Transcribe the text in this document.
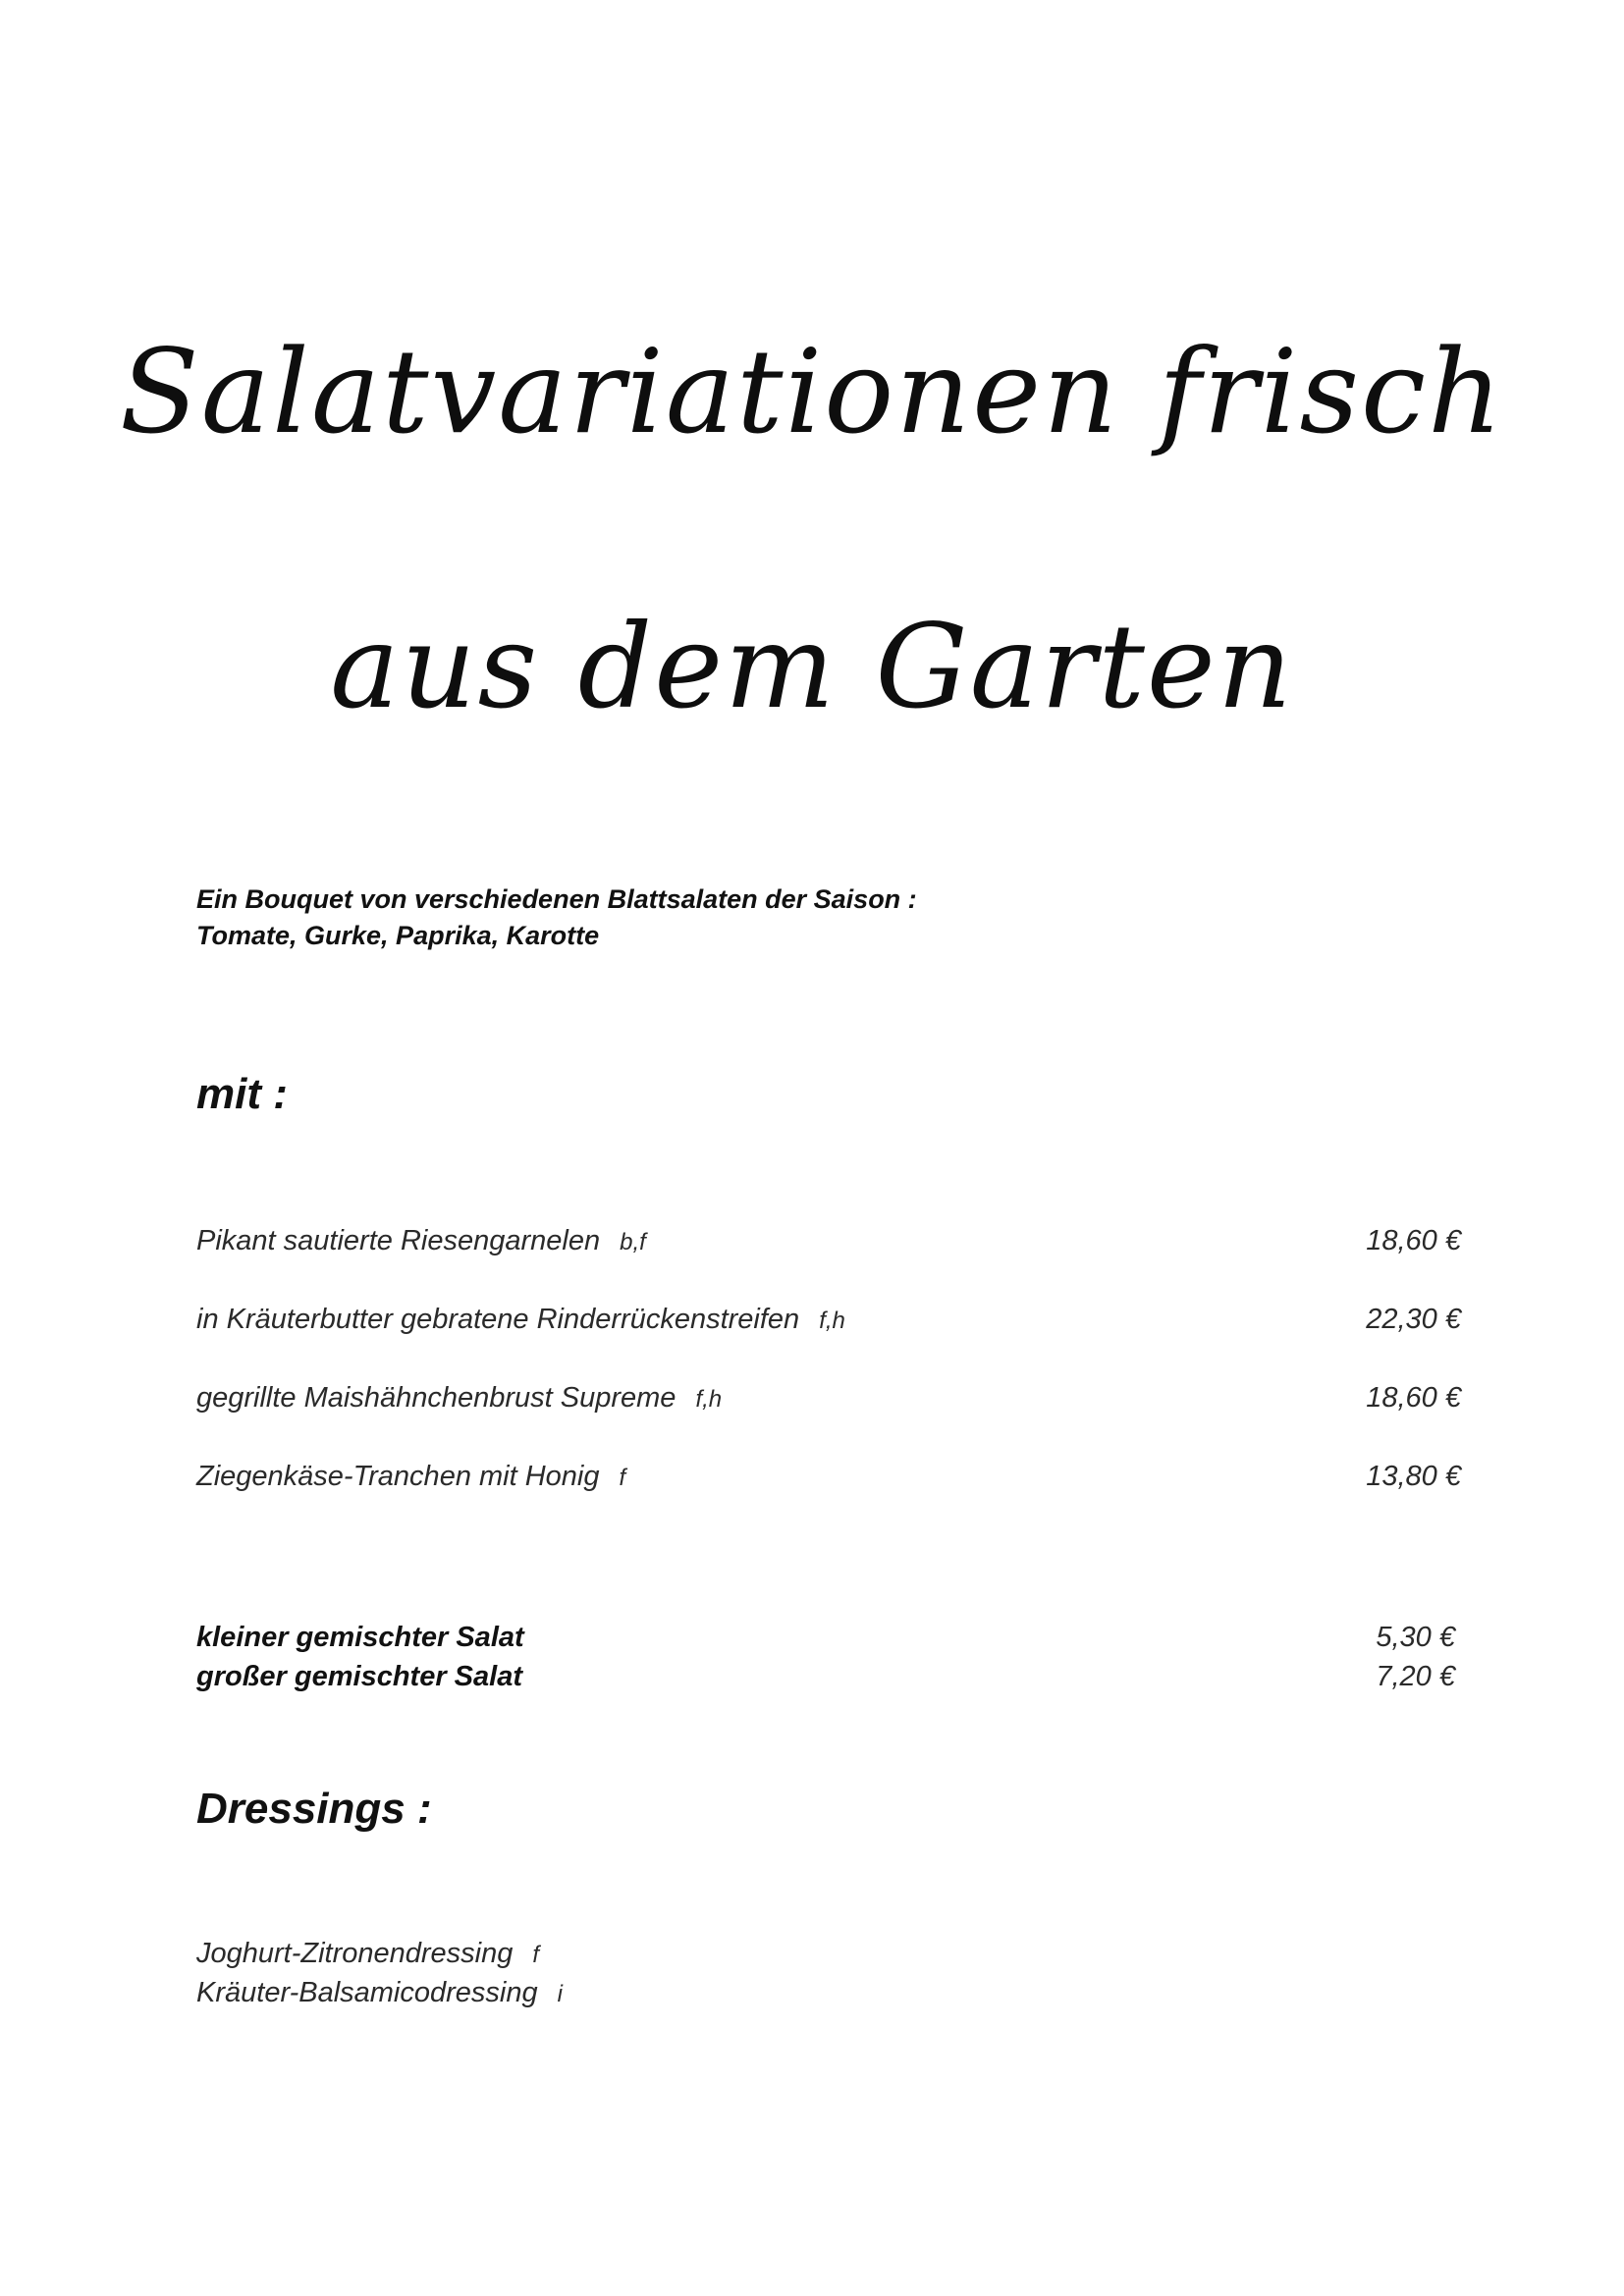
Salatvariationen frisch
aus dem Garten
Ein Bouquet von verschiedenen Blattsalaten der Saison :
Tomate, Gurke, Paprika, Karotte
mit :
Pikant sautierte Riesengarnelen b,f	18,60 €
in Kräuterbutter gebratene Rinderrückenstreifen f,h	22,30 €
gegrillte Maishähnchenbrust Supreme f,h	18,60 €
Ziegenkäse-Tranchen mit Honig f	13,80 €
kleiner gemischter Salat	5,30 €
großer gemischter Salat	7,20 €
Dressings :
Joghurt-Zitronendressing f
Kräuter-Balsamicodressing i
